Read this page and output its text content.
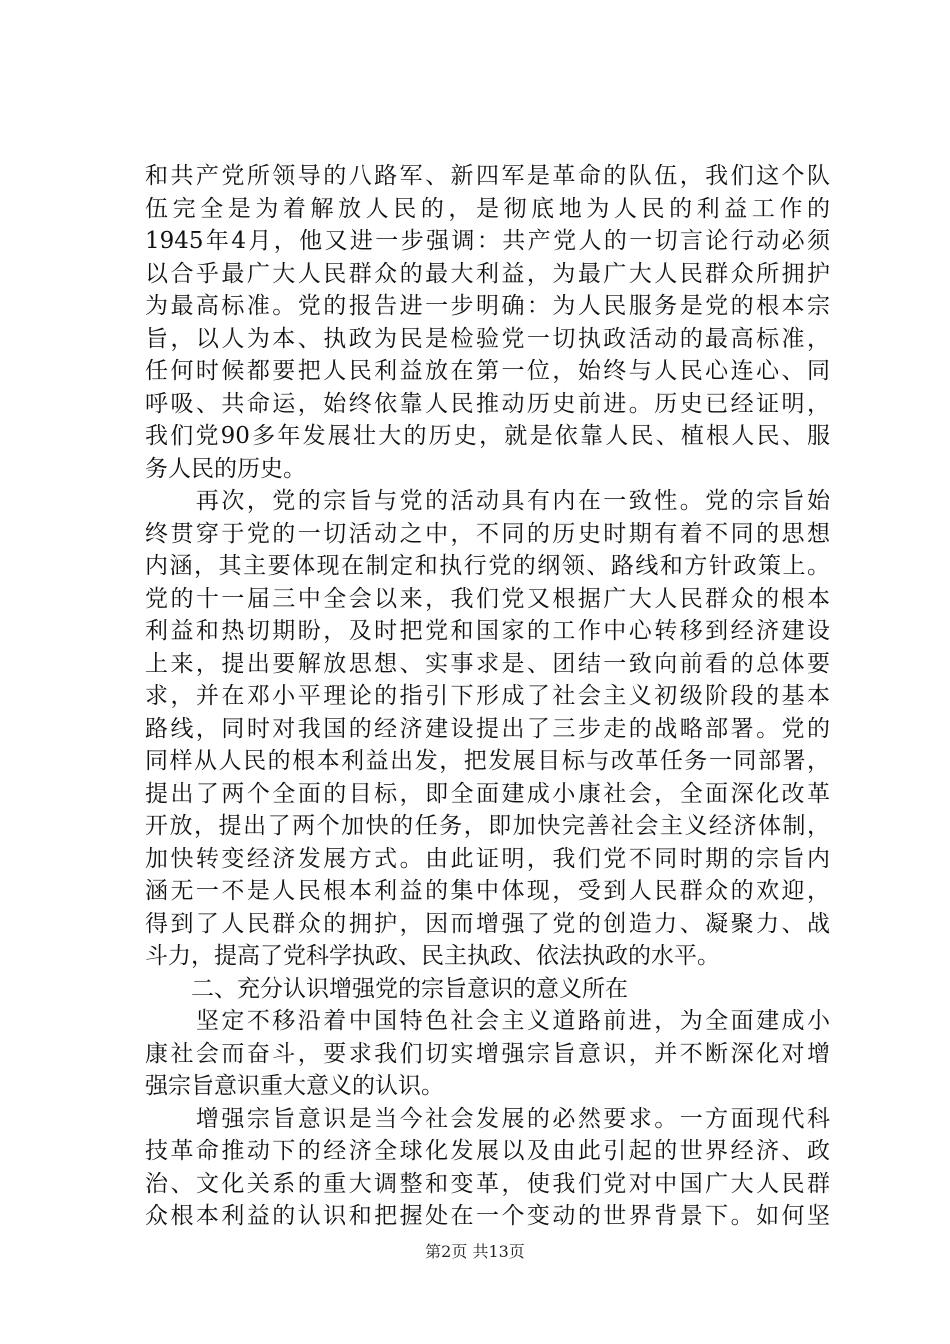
和共产党所领导的八路军、新四军是革命的队伍，我们这个队
伍完全是为着解放人民的，是彻底地为人民的利益工作的
1945年4月，他又进一步强调：共产党人的一切言论行动必须
以合乎最广大人民群众的最大利益，为最广大人民群众所拥护
为最高标准。党的报告进一步明确：为人民服务是党的根本宗
旨，以人为本、执政为民是检验党一切执政活动的最高标准，
任何时候都要把人民利益放在第一位，始终与人民心连心、同
呼吸、共命运，始终依靠人民推动历史前进。历史已经证明，
我们党90多年发展壮大的历史，就是依靠人民、植根人民、服
务人民的历史。
　　再次，党的宗旨与党的活动具有内在一致性。党的宗旨始
终贯穿于党的一切活动之中，不同的历史时期有着不同的思想
内涵，其主要体现在制定和执行党的纲领、路线和方针政策上。
党的十一届三中全会以来，我们党又根据广大人民群众的根本
利益和热切期盼，及时把党和国家的工作中心转移到经济建设
上来，提出要解放思想、实事求是、团结一致向前看的总体要
求，并在邓小平理论的指引下形成了社会主义初级阶段的基本
路线，同时对我国的经济建设提出了三步走的战略部署。党的
同样从人民的根本利益出发，把发展目标与改革任务一同部署，
提出了两个全面的目标，即全面建成小康社会，全面深化改革
开放，提出了两个加快的任务，即加快完善社会主义经济体制，
加快转变经济发展方式。由此证明，我们党不同时期的宗旨内
涵无一不是人民根本利益的集中体现，受到人民群众的欢迎，
得到了人民群众的拥护，因而增强了党的创造力、凝聚力、战
斗力，提高了党科学执政、民主执政、依法执政的水平。
　　二、充分认识增强党的宗旨意识的意义所在
　　坚定不移沿着中国特色社会主义道路前进，为全面建成小
康社会而奋斗，要求我们切实增强宗旨意识，并不断深化对增
强宗旨意识重大意义的认识。
　　增强宗旨意识是当今社会发展的必然要求。一方面现代科
技革命推动下的经济全球化发展以及由此引起的世界经济、政
治、文化关系的重大调整和变革，使我们党对中国广大人民群
众根本利益的认识和把握处在一个变动的世界背景下。如何坚
第2页 共13页
